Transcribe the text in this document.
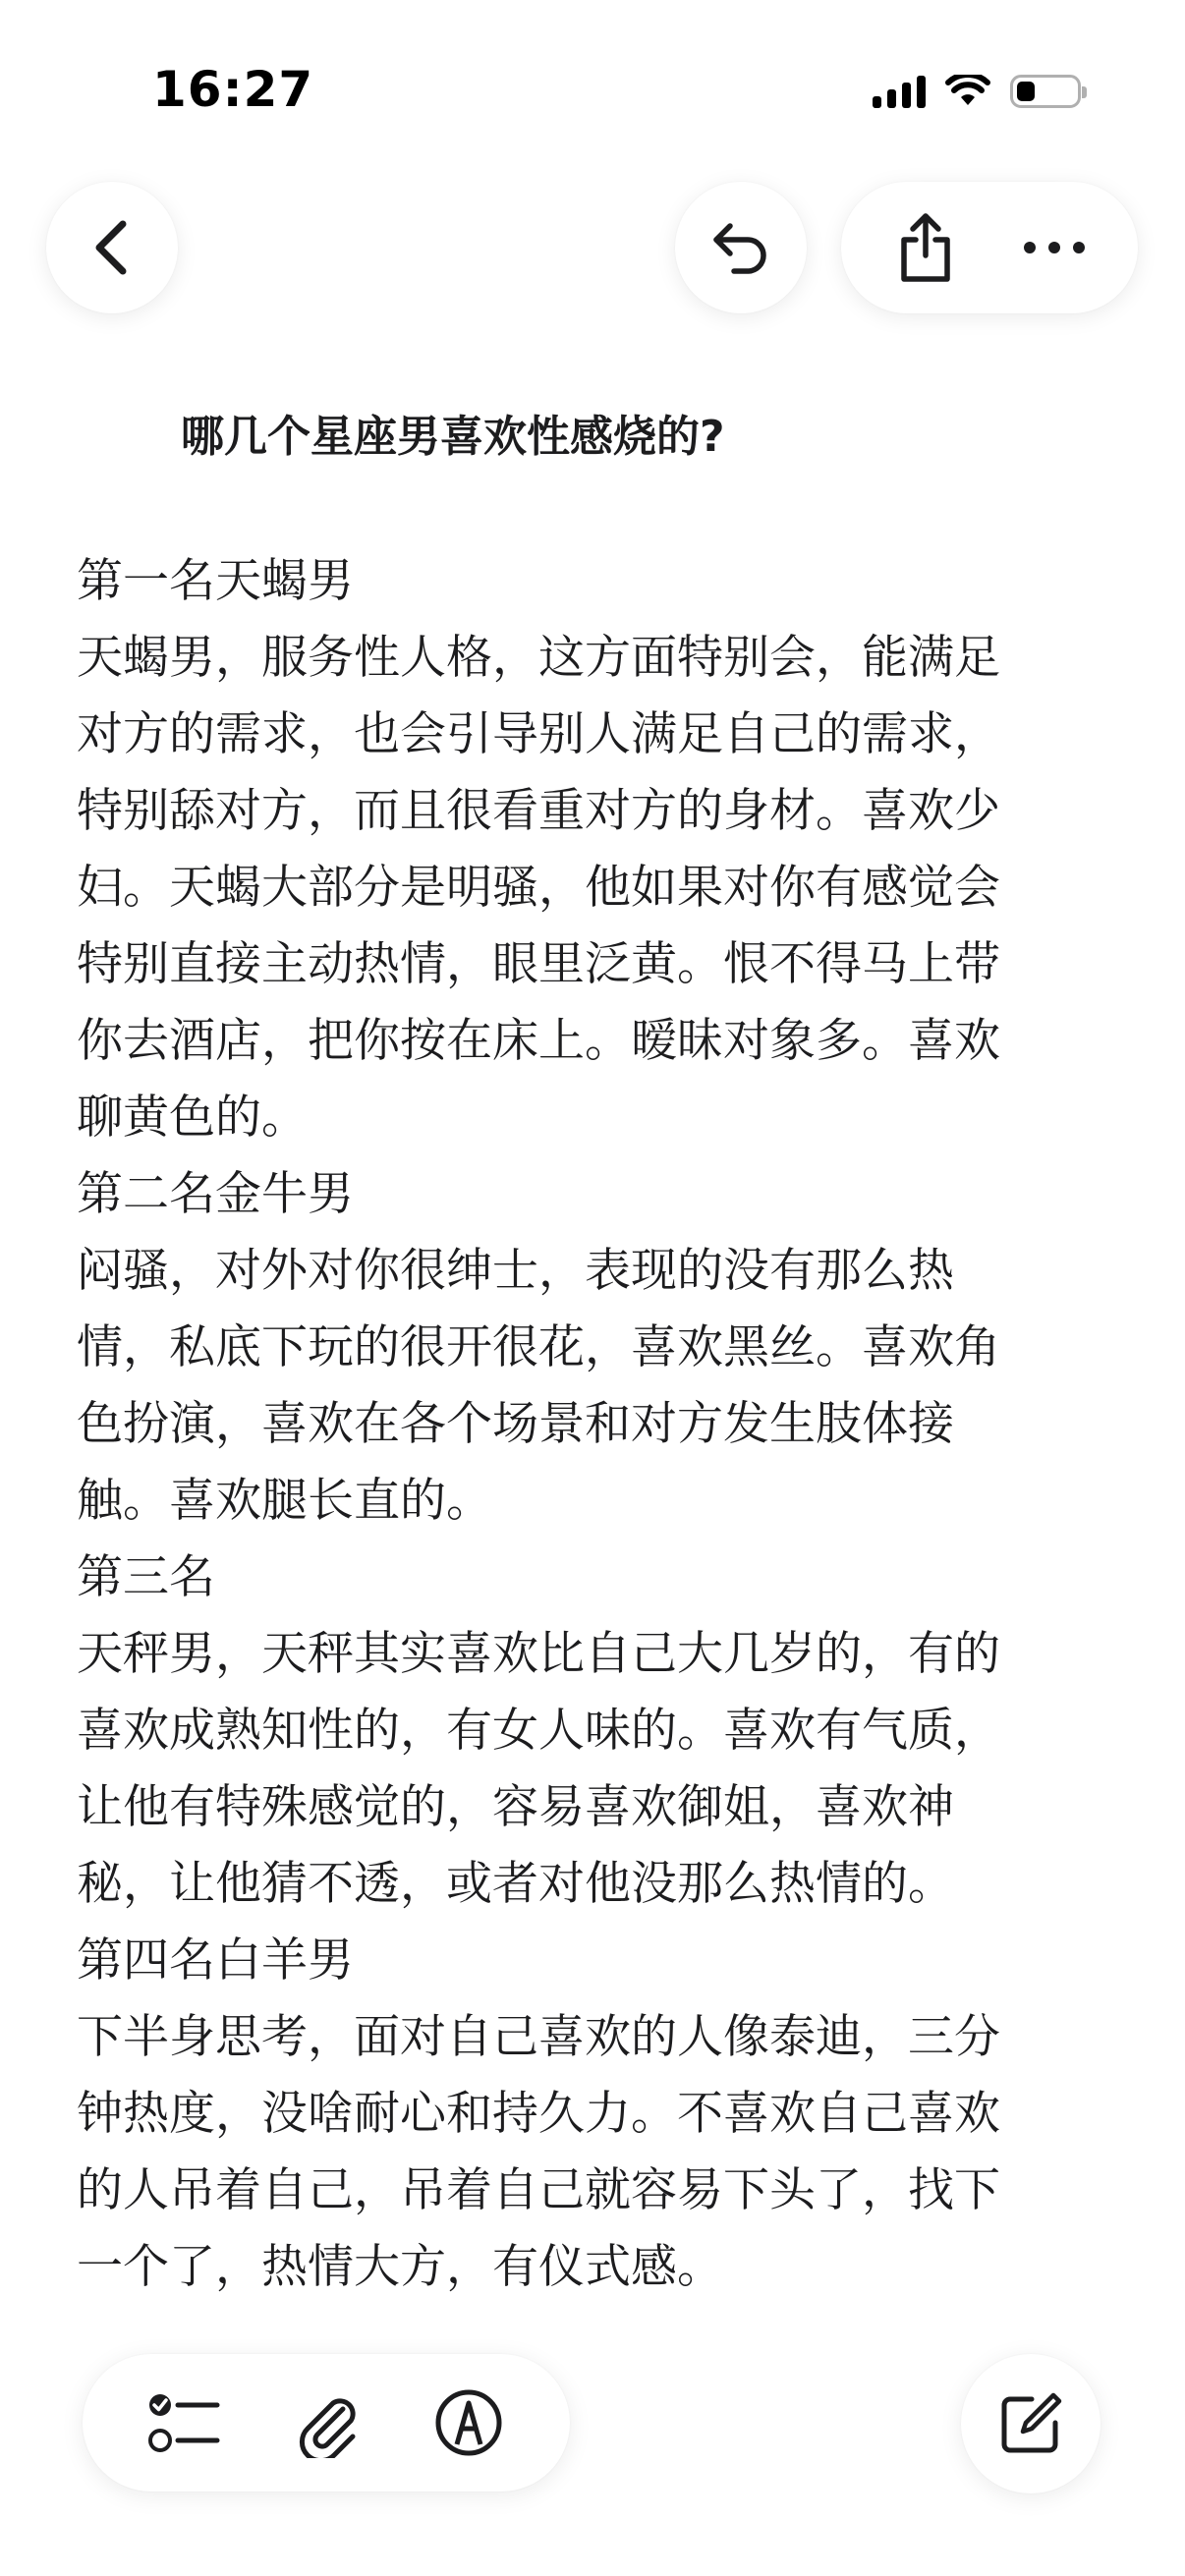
16:27
哪几个星座男喜欢性感烧的?

第一名天蝎男

天蝎男，服务性人格，这方面特别会，能满足

对方的需求，也会引导别人满足自己的需求，

特别舔对方，而且很看重对方的身材。喜欢少

妇。天蝎大部分是明骚，他如果对你有感觉会

特别直接主动热情，眼里泛黄。恨不得马上带

你去酒店，把你按在床上。暧昧对象多。喜欢

聊黄色的。

第二名金牛男

闷骚，对外对你很绅士，表现的没有那么热

情，私底下玩的很开很花，喜欢黑丝。喜欢角

色扮演，喜欢在各个场景和对方发生肢体接

触。喜欢腿长直的。

第三名

天秤男，天秤其实喜欢比自己大几岁的，有的

喜欢成熟知性的，有女人味的。喜欢有气质，

让他有特殊感觉的，容易喜欢御姐，喜欢神

秘，让他猜不透，或者对他没那么热情的。

第四名白羊男

下半身思考，面对自己喜欢的人像泰迪，三分

钟热度，没啥耐心和持久力。不喜欢自己喜欢

的人吊着自己，吊着自己就容易下头了，找下

一个了，热情大方，有仪式感。
